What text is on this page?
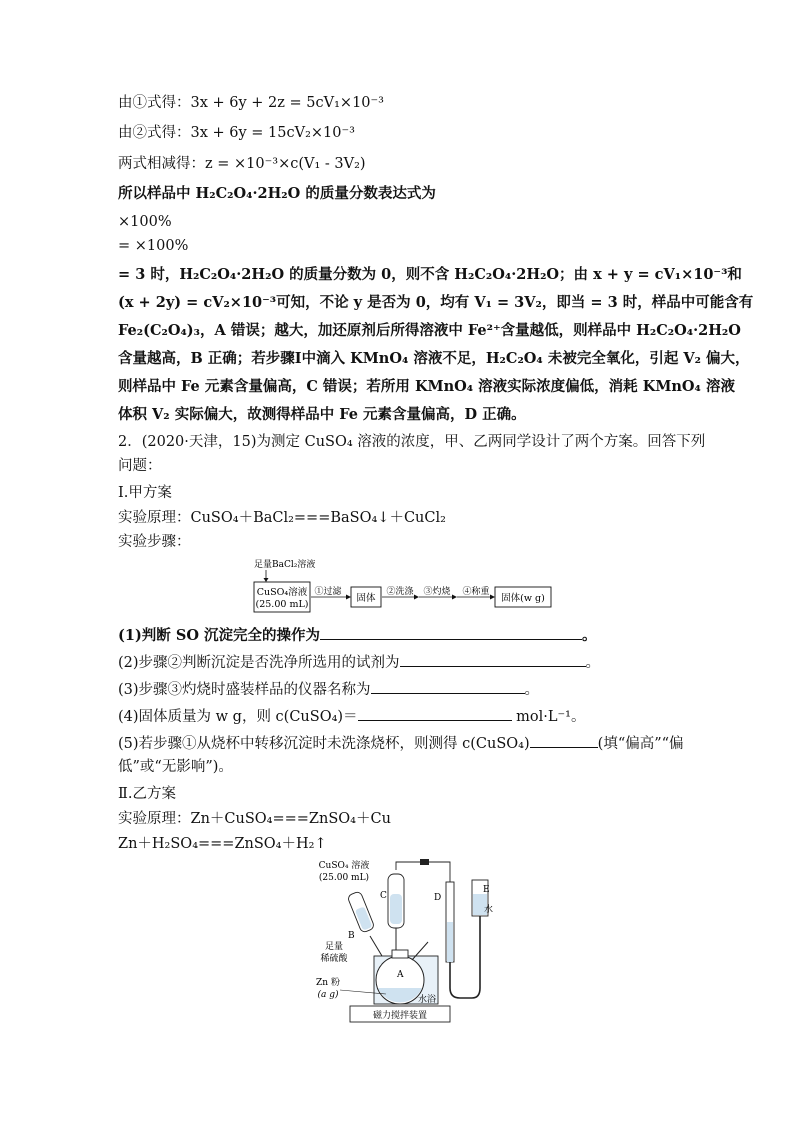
由①式得：3x + 6y + 2z = 5cV₁×10⁻³
由②式得：3x + 6y = 15cV₂×10⁻³
两式相减得：z = ×10⁻³×c(V₁ - 3V₂)
所以样品中 H₂C₂O₄·2H₂O 的质量分数表达式为
×100%
= ×100%
= 3 时，H₂C₂O₄·2H₂O 的质量分数为 0，则不含 H₂C₂O₄·2H₂O；由 x + y = cV₁×10⁻³和
(x + 2y) = cV₂×10⁻³可知，不论 y 是否为 0，均有 V₁ = 3V₂，即当 = 3 时，样品中可能含有
Fe₂(C₂O₄)₃，A 错误；越大，加还原剂后所得溶液中 Fe²⁺含量越低，则样品中 H₂C₂O₄·2H₂O
含量越高，B 正确；若步骤Ⅰ中滴入 KMnO₄ 溶液不足，H₂C₂O₄ 未被完全氧化，引起 V₂ 偏大，
则样品中 Fe 元素含量偏高，C 错误；若所用 KMnO₄ 溶液实际浓度偏低，消耗 KMnO₄ 溶液
体积 V₂ 实际偏大，故测得样品中 Fe 元素含量偏高，D 正确。
2．(2020·天津，15)为测定 CuSO₄ 溶液的浓度，甲、乙两同学设计了两个方案。回答下列
问题：
Ⅰ.甲方案
实验原理：CuSO₄＋BaCl₂===BaSO₄↓＋CuCl₂
实验步骤：
足量BaCl₂溶液
CuSO₄溶液
(25.00 mL)
①过滤
固体
②洗涤 ③灼烧 ④称重
固体(w g)
(1)判断 SO 沉淀完全的操作为	。
(2)步骤②判断沉淀是否洗净所选用的试剂为	。
(3)步骤③灼烧时盛装样品的仪器名称为	。
(4)固体质量为 w g，则 c(CuSO₄)＝	mol·L⁻¹。
(5)若步骤①从烧杯中转移沉淀时未洗涤烧杯，则测得 c(CuSO₄)	(填“偏高”“偏
低”或“无影响”)。
Ⅱ.乙方案
实验原理：Zn＋CuSO₄===ZnSO₄＋Cu
Zn＋H₂SO₄===ZnSO₄＋H₂↑
CuSO₄ 溶液
(25.00 mL)
C
B
足量
稀硫酸
A
Zn 粉
(a g)	水浴
磁力搅拌装置
D
E
水
